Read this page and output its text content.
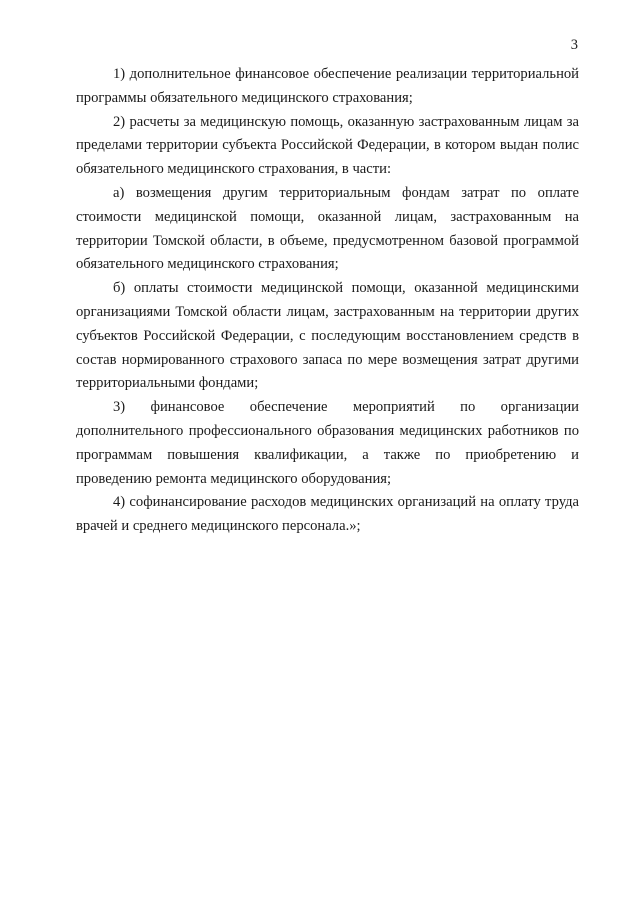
3

1) дополнительное финансовое обеспечение реализации территориальной программы обязательного медицинского страхования;

2) расчеты за медицинскую помощь, оказанную застрахованным лицам за пределами территории субъекта Российской Федерации, в котором выдан полис обязательного медицинского страхования, в части:

а) возмещения другим территориальным фондам затрат по оплате стоимости медицинской помощи, оказанной лицам, застрахованным на территории Томской области, в объеме, предусмотренном базовой программой обязательного медицинского страхования;

б) оплаты стоимости медицинской помощи, оказанной медицинскими организациями Томской области лицам, застрахованным на территории других субъектов Российской Федерации, с последующим восстановлением средств в состав нормированного страхового запаса по мере возмещения затрат другими территориальными фондами;

3) финансовое обеспечение мероприятий по организации дополнительного профессионального образования медицинских работников по программам повышения квалификации, а также по приобретению и проведению ремонта медицинского оборудования;

4) софинансирование расходов медицинских организаций на оплату труда врачей и среднего медицинского персонала.»;
